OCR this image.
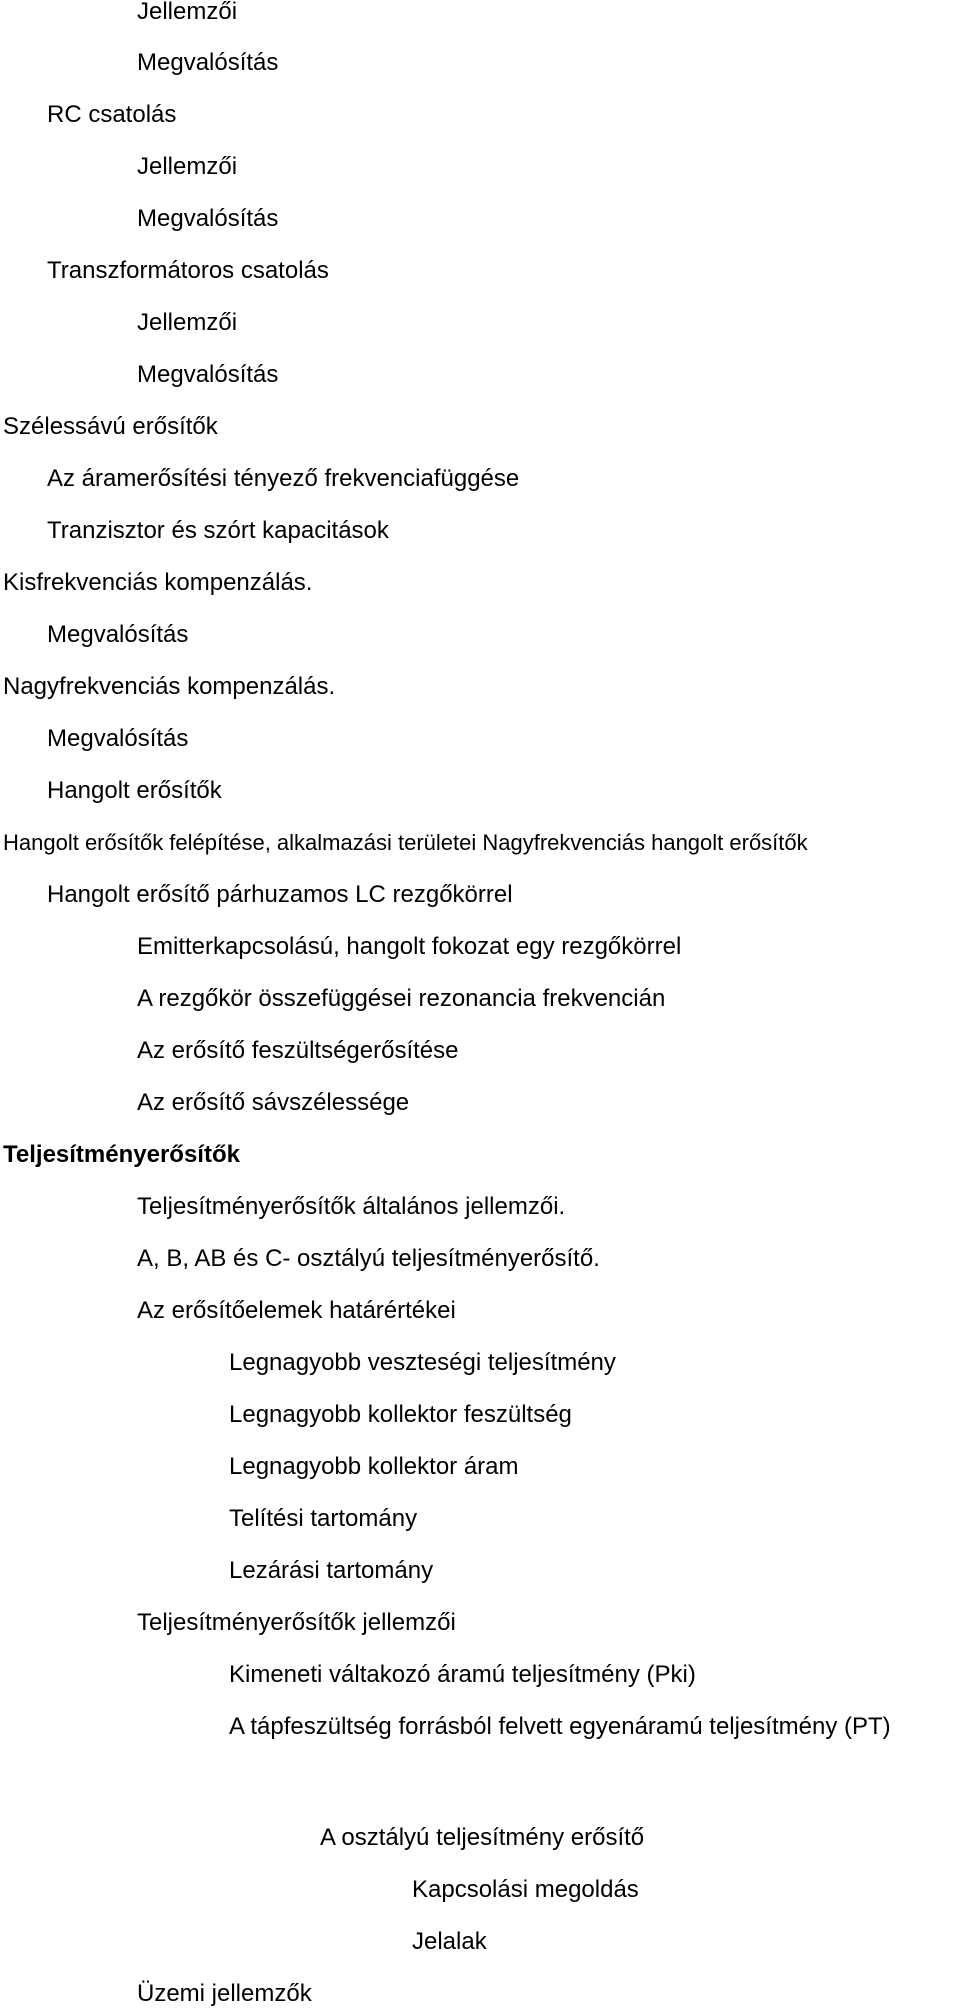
Jellemzői
Megvalósítás
RC csatolás
Jellemzői
Megvalósítás
Transzformátoros csatolás
Jellemzői
Megvalósítás
Szélessávú erősítők
Az áramerősítési tényező frekvenciafüggése
Tranzisztor és szórt kapacitások
Kisfrekvenciás kompenzálás.
Megvalósítás
Nagyfrekvenciás kompenzálás.
Megvalósítás
Hangolt erősítők
Hangolt erősítők felépítése, alkalmazási területei Nagyfrekvenciás hangolt erősítők
Hangolt erősítő párhuzamos LC rezgőkörrel
Emitterkapcsolású, hangolt fokozat egy rezgőkörrel
A rezgőkör összefüggései rezonancia frekvencián
Az erősítő feszültségerősítése
Az erősítő sávszélessége
Teljesítményerősítők
Teljesítményerősítők általános jellemzői.
A, B, AB és C- osztályú teljesítményerősítő.
Az erősítőelemek határértékei
Legnagyobb veszteségi teljesítmény
Legnagyobb kollektor feszültség
Legnagyobb kollektor áram
Telítési tartomány
Lezárási tartomány
Teljesítményerősítők jellemzői
Kimeneti váltakozó áramú teljesítmény (Pki)
A tápfeszültség forrásból felvett egyenáramú teljesítmény (PT)
A osztályú teljesítmény erősítő
Kapcsolási megoldás
Jelalak
Üzemi jellemzők
